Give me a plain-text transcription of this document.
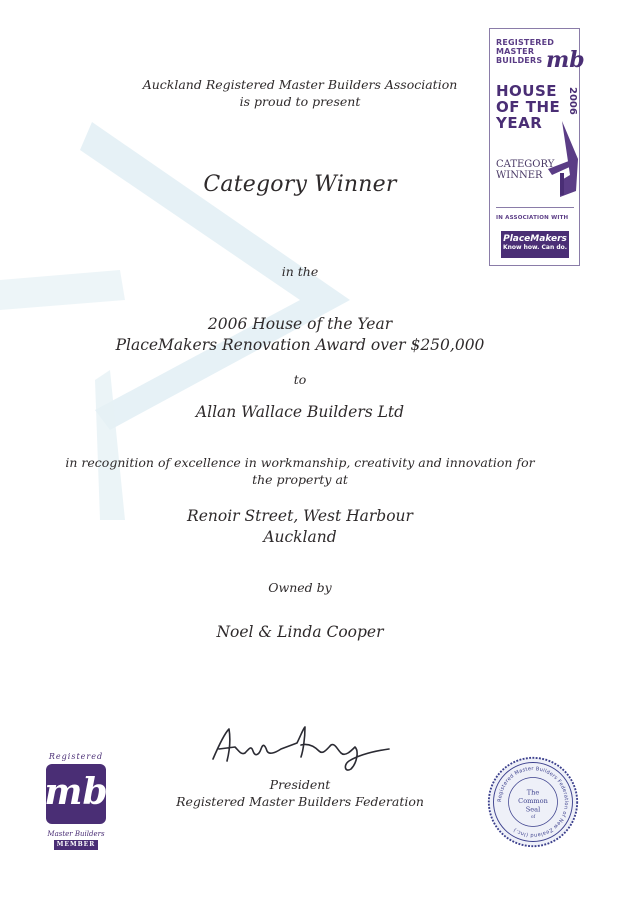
Auckland Registered Master Builders Association
is proud to present
Category Winner
in the
2006 House of the Year
PlaceMakers Renovation Award over $250,000
to
Allan Wallace Builders Ltd
in recognition of excellence in workmanship, creativity and innovation for
the property at
Renoir Street, West Harbour
Auckland
Owned by
Noel & Linda Cooper
President
Registered Master Builders Federation
REGISTERED
MASTER
BUILDERS mb
HOUSE
OF THE
YEAR
2006
CATEGORY
WINNER
IN ASSOCIATION WITH
PlaceMakers
Know how. Can do.
Registered
mb
Master Builders
MEMBER
Registered Master Builders Federation of New Zealand (Inc.)
The
Common
Seal
of
